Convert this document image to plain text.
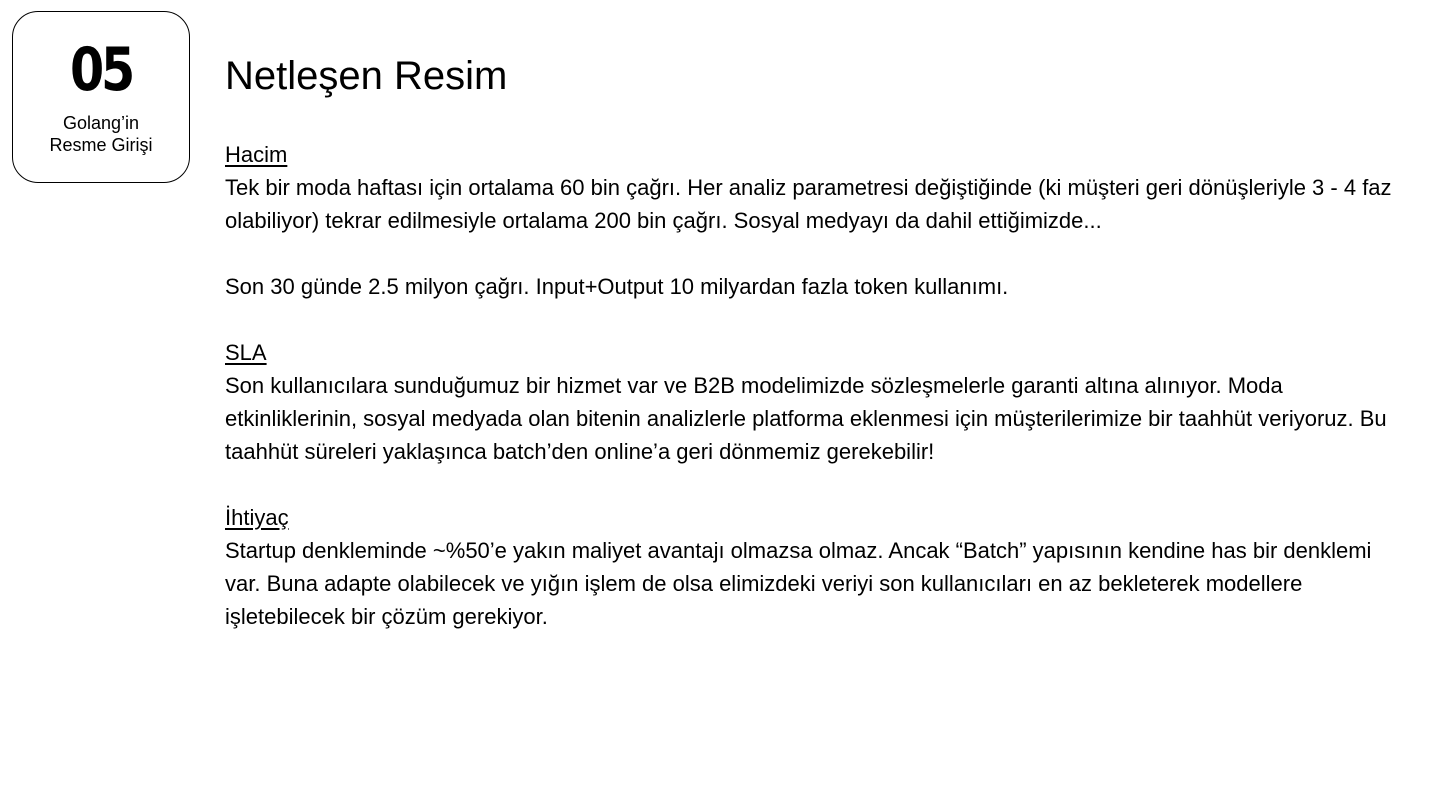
05
Golang’in
Resme Girişi
Netleşen Resim
Hacim

Tek bir moda haftası için ortalama 60 bin çağrı. Her analiz parametresi değiştiğinde (ki müşteri geri dönüşleriyle 3 - 4 faz olabiliyor) tekrar edilmesiyle ortalama 200 bin çağrı. Sosyal medyayı da dahil ettiğimizde...

Son 30 günde 2.5 milyon çağrı. Input+Output 10 milyardan fazla token kullanımı.

SLA

Son kullanıcılara sunduğumuz bir hizmet var ve B2B modelimizde sözleşmelerle garanti altına alınıyor. Moda etkinliklerinin, sosyal medyada olan bitenin analizlerle platforma eklenmesi için müşterilerimize bir taahhüt veriyoruz. Bu taahhüt süreleri yaklaşınca batch’den online’a geri dönmemiz gerekebilir!

İhtiyaç

Startup denkleminde ~%50’e yakın maliyet avantajı olmazsa olmaz. Ancak “Batch” yapısının kendine has bir denklemi var. Buna adapte olabilecek ve yığın işlem de olsa elimizdeki veriyi son kullanıcıları en az bekleterek modellere işletebilecek bir çözüm gerekiyor.
